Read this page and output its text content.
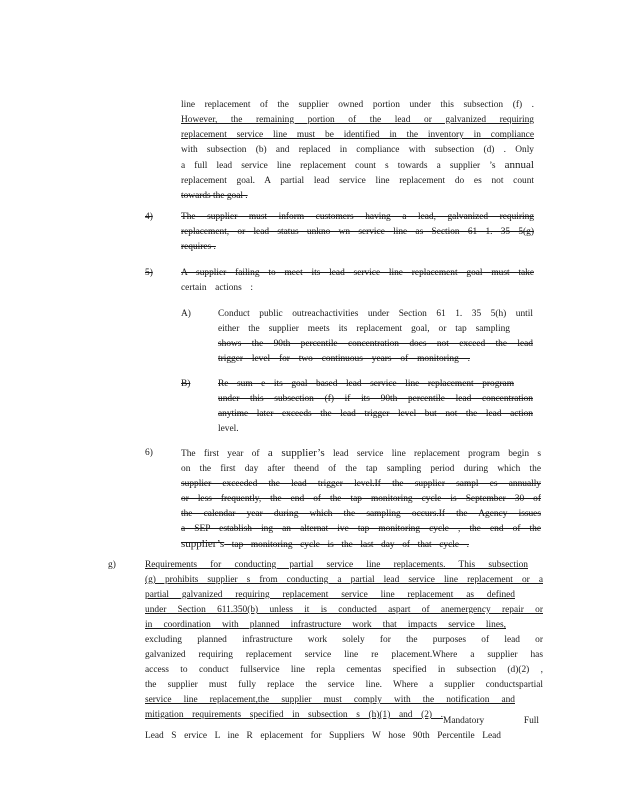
line replacement of the supplier owned portion under this subsection (f) .
However, the remaining portion of the lead or galvanized requiring
replacement service line must be identified in the inventory in compliance
with subsection (b) and replaced in compliance with subsection (d) . Only
a full lead service line replacement count s towards a supplier ’s annual
replacement goal. A partial lead service line replacement do es not count
towards the goal .
4)	The supplier must inform customers having a lead, galvanized requiring
replacement, or lead status unkno wn service line as Section 61 1. 35 5(g)
requires .
5)	A supplier failing to meet its lead service line replacement goal must take
certain actions :
A)	Conduct public outreachactivities under Section 61 1. 35 5(h) until
either the supplier meets its replacement goal, or tap sampling
shows the 90th percentile concentration does not exceed the lead
trigger level for two continuous years of monitoring .
B)	Re sum e its goal based lead service line replacement program
under this subsection (f) if its 90th percentile lead concentration
anytime later exceeds the lead trigger level but not the lead action
level.
6)	The first year of a supplier’s lead service line replacement program begin s
on the first day after theend of the tap sampling period during which the
supplier exceeded the lead trigger level.If the supplier sampl es annually
or less frequently, the end of the tap monitoring cycle is September 30 of
the calendar year during which the sampling occurs.If the Agency issues
a SEP establish ing an alternat ive tap monitoring cycle , the end of the
supplier’s tap monitoring cycle is the last day of that cycle .
g)	Requirements for conducting partial service line replacements. This subsection
(g) prohibits supplier s from conducting a partial lead service line replacement or a
partial galvanized requiring replacement service line replacement as defined
under Section 611.350(b) unless it is conducted aspart of anemergency repair or
in coordination with planned infrastructure work that impacts service lines,
excluding planned infrastructure work solely for the purposes of lead or
galvanized requiring replacement service line re placement.Where a supplier has
access to conduct fullservice line repla cementas specified in subsection (d)(2) ,
the supplier must fully replace the service line. Where a supplier conductspartial
service line replacement,the supplier must comply with the notification and
mitigation requirements specified in subsection s (h)(1) and (2) .Mandatory  Full
Lead S ervice L ine R eplacement for Suppliers W hose 90th Percentile Lead
